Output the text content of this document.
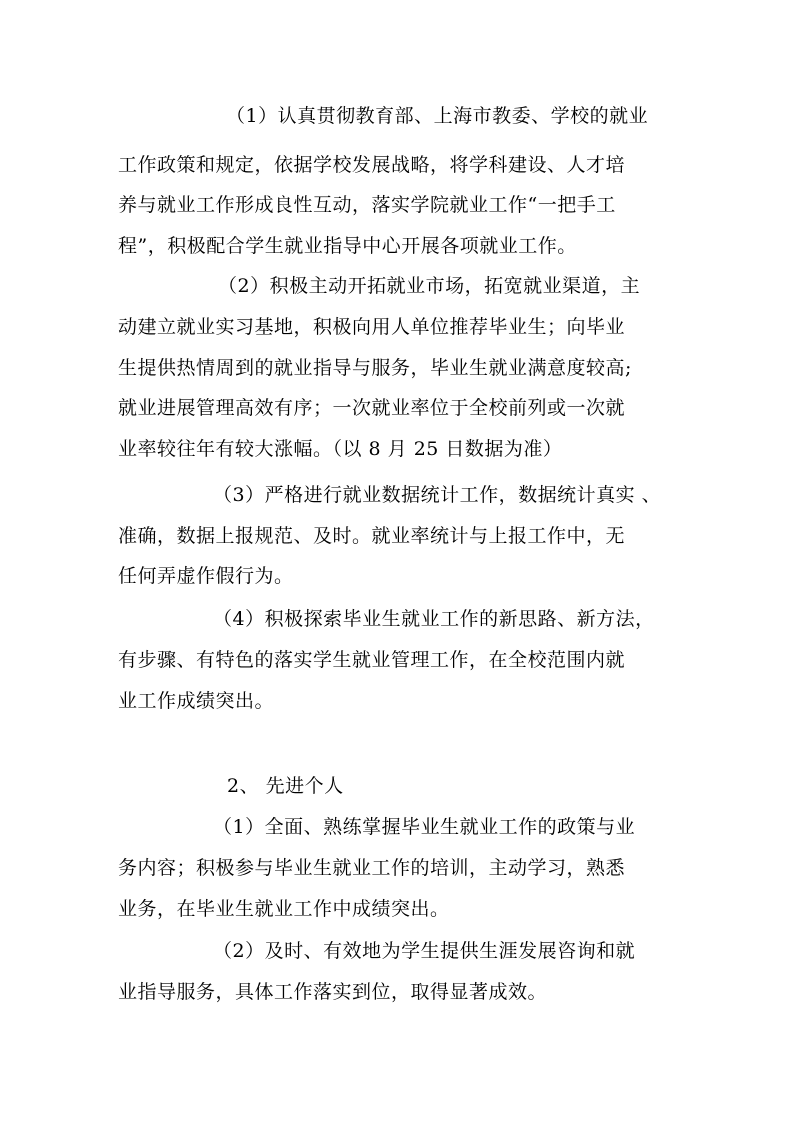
（1）认真贯彻教育部、上海市教委、学校的就业
工作政策和规定，依据学校发展战略，将学科建设、人才培
养与就业工作形成良性互动，落实学院就业工作“一把手工
程”，积极配合学生就业指导中心开展各项就业工作。
（2）积极主动开拓就业市场，拓宽就业渠道，主
动建立就业实习基地，积极向用人单位推荐毕业生；向毕业
生提供热情周到的就业指导与服务，毕业生就业满意度较高;
就业进展管理高效有序；一次就业率位于全校前列或一次就
业率较往年有较大涨幅。（以 8 月 25 日数据为准）
（3）严格进行就业数据统计工作，数据统计真实 、
准确，数据上报规范、及时。就业率统计与上报工作中，无
任何弄虚作假行为。
（4）积极探索毕业生就业工作的新思路、新方法，
有步骤、有特色的落实学生就业管理工作，在全校范围内就
业工作成绩突出。
2、 先进个人
（1）全面、熟练掌握毕业生就业工作的政策与业
务内容；积极参与毕业生就业工作的培训，主动学习，熟悉
业务，在毕业生就业工作中成绩突出。
（2）及时、有效地为学生提供生涯发展咨询和就
业指导服务，具体工作落实到位，取得显著成效。
